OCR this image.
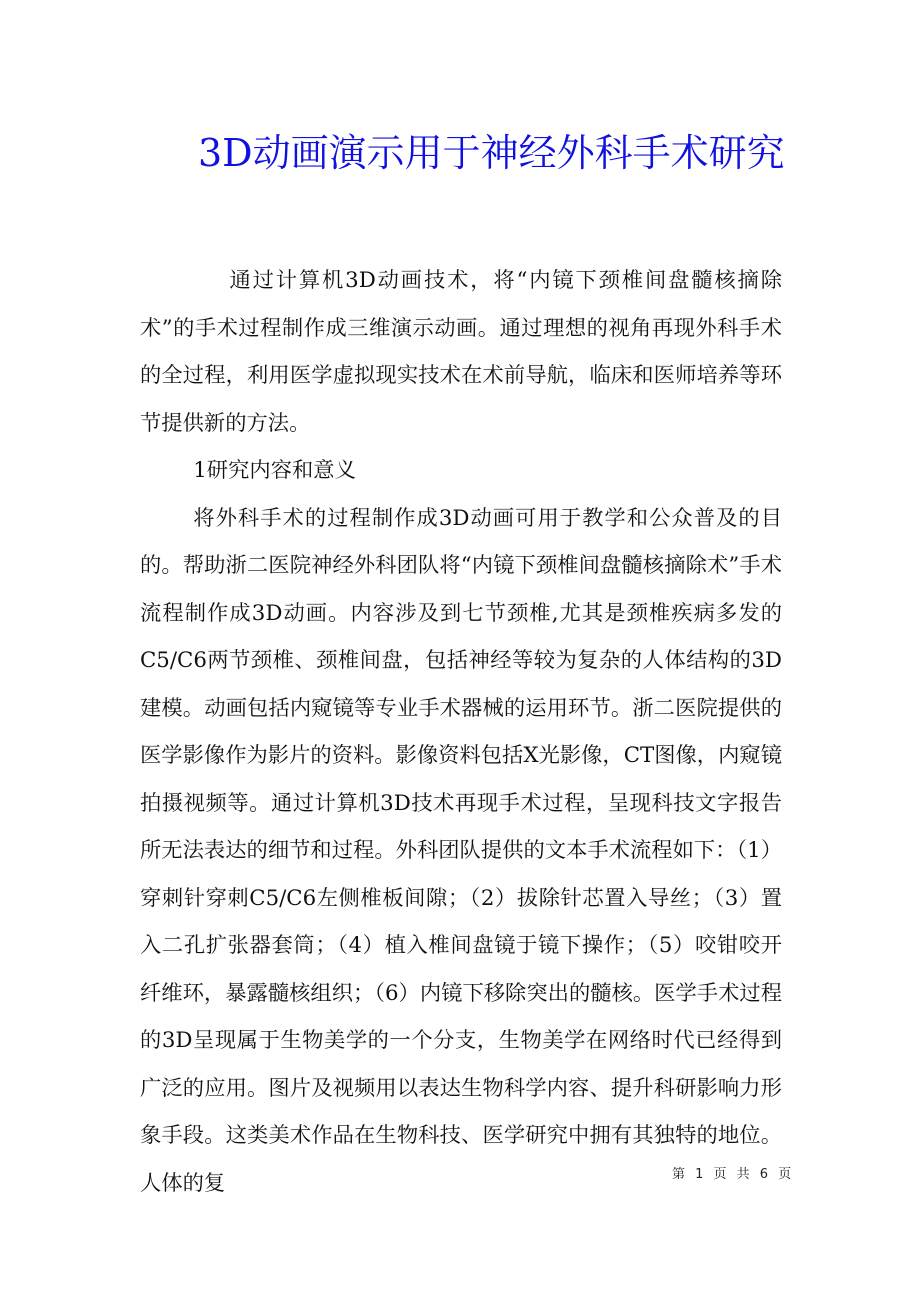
3D动画演示用于神经外科手术研究

通过计算机3D动画技术，将“内镜下颈椎间盘髓核摘除术”的手术过程制作成三维演示动画。通过理想的视角再现外科手术的全过程，利用医学虚拟现实技术在术前导航，临床和医师培养等环节提供新的方法。

1研究内容和意义

将外科手术的过程制作成3D动画可用于教学和公众普及的目的。帮助浙二医院神经外科团队将“内镜下颈椎间盘髓核摘除术”手术流程制作成3D动画。内容涉及到七节颈椎,尤其是颈椎疾病多发的C5/C6两节颈椎、颈椎间盘，包括神经等较为复杂的人体结构的3D建模。动画包括内窥镜等专业手术器械的运用环节。浙二医院提供的医学影像作为影片的资料。影像资料包括X光影像，CT图像，内窥镜拍摄视频等。通过计算机3D技术再现手术过程，呈现科技文字报告所无法表达的细节和过程。外科团队提供的文本手术流程如下：（1）穿刺针穿刺C5/C6左侧椎板间隙；（2）拔除针芯置入导丝；（3）置入二孔扩张器套筒；（4）植入椎间盘镜于镜下操作；（5）咬钳咬开纤维环，暴露髓核组织；（6）内镜下移除突出的髓核。医学手术过程的3D呈现属于生物美学的一个分支，生物美学在网络时代已经得到广泛的应用。图片及视频用以表达生物科学内容、提升科研影响力形象手段。这类美术作品在生物科技、医学研究中拥有其独特的地位。人体的复	第 1 页 共 6 页
